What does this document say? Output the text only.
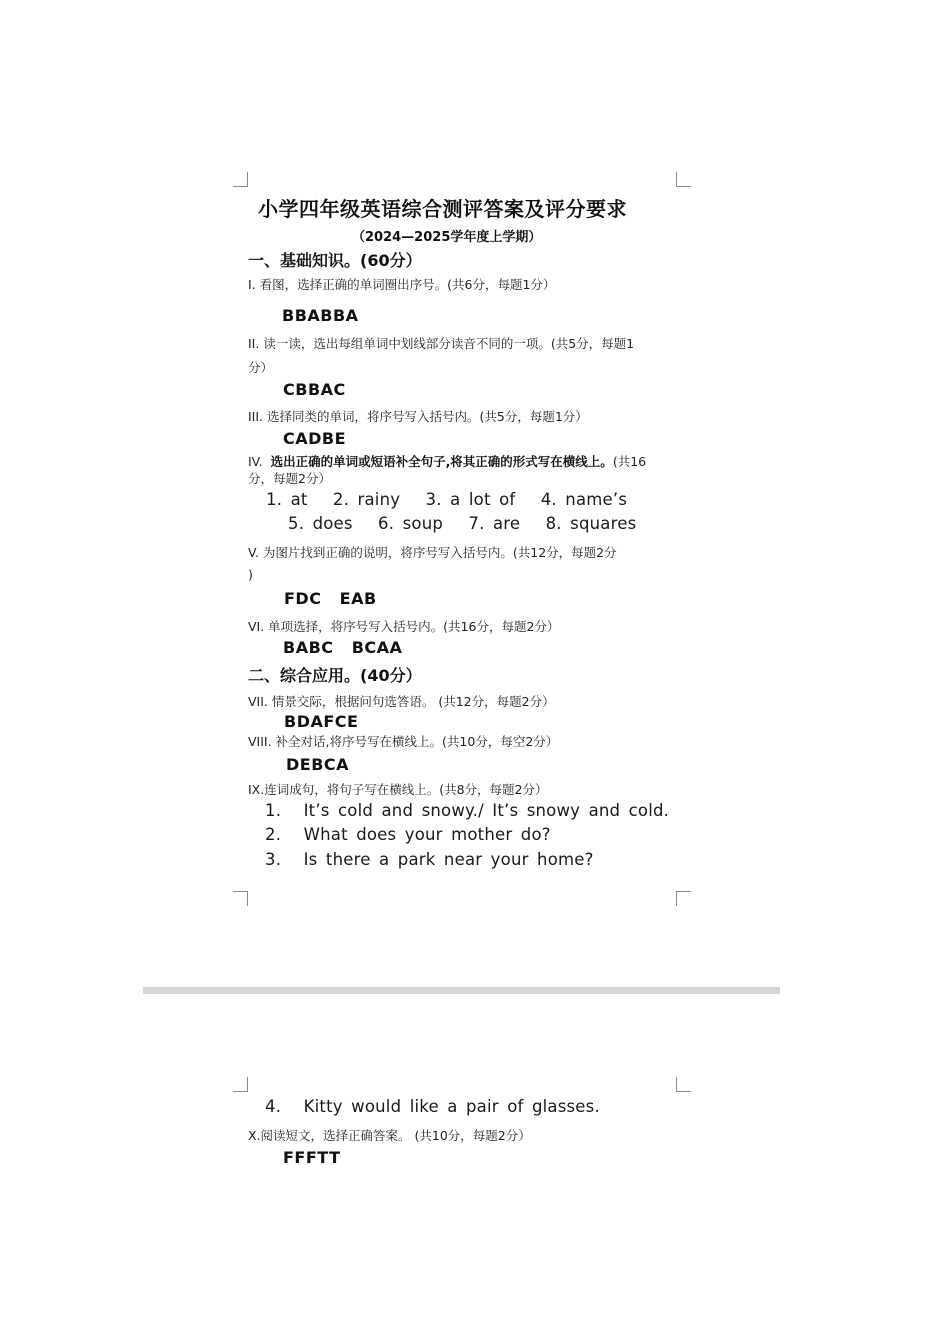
小学四年级英语综合测评答案及评分要求
（2024—2025学年度上学期）
一、基础知识。(60分）
I. 看图，选择正确的单词圈出序号。(共6分，每题1分）
BBABBA
II. 读一读，选出每组单词中划线部分读音不同的一项。(共5分，每题1
分）
CBBAC
III. 选择同类的单词，将序号写入括号内。(共5分，每题1分）
CADBE
IV. 选出正确的单词或短语补全句子,将其正确的形式写在横线上。(共16
分，每题2分）
1. at   2. rainy   3. a lot of   4. name’s
5. does   6. soup   7. are   8. squares
V. 为图片找到正确的说明，将序号写入括号内。(共12分，每题2分
)
FDC   EAB
VI. 单项选择，将序号写入括号内。(共16分，每题2分）
BABC   BCAA
二、综合应用。(40分）
VII. 情景交际，根据问句选答语。 (共12分，每题2分）
BDAFCE
VIII. 补全对话,将序号写在横线上。(共10分，每空2分）
DEBCA
IX.连词成句，将句子写在横线上。(共8分，每题2分）
1. It’s cold and snowy./ It’s snowy and cold.
2. What does your mother do?
3. Is there a park near your home?
4. Kitty would like a pair of glasses.
X.阅读短文，选择正确答案。 (共10分，每题2分）
FFFTT
